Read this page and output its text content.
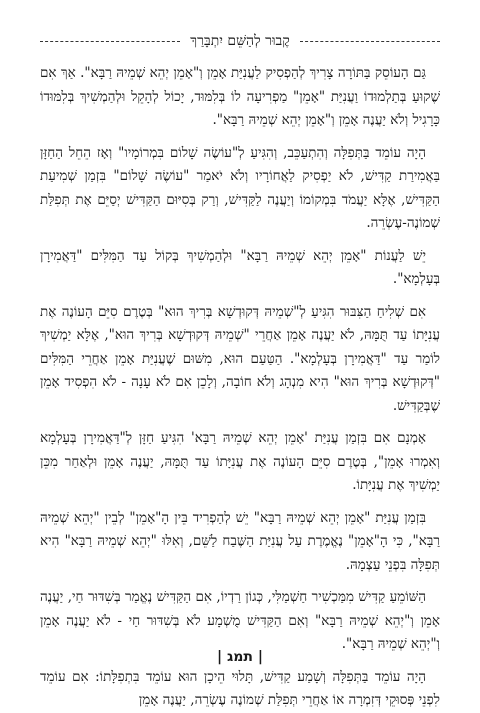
קֶבוּר לְהַשֵּׁם יִתְבָּרַךְ

גַּם הָעוֹסֵק בַּתּוֹרָה צָרִיךְ לְהַפְסִיק לַעֲנִיַּת אָמֵן וְ"אָמֵן יְהֵא שְׁמֵיהּ רַבָּא". אַךְ אִם שֶׁקוּעַ בְּתַלְמוּדוֹ וַעֲנִיַּת "אָמֵן" מַפְרִיעָה לוֹ בְּלִמּוּד, יָכוֹל לְהָקֵל וּלְהַמְשִׁיךְ בְּלִמּוּדוֹ כָּרָגִיל וְלֹא יַעֲנֶה אָמֵן וְ"אָמֵן יְהֵא שְׁמֵיהּ רַבָּא".

הָיָה עוֹמֵד בַּתְּפִלָּה וְהִתְעַכֵּב, וְהִגִּיעַ לְ"עוֹשֶׂה שָׁלוֹם בִּמְרוֹמָיו" וְאָז הֵחֵל הַחַזָּן בַּאֲמִירַת קַדִּישׁ, לֹא יַפְסִיק לַאֲחוֹרָיו וְלֹא יֹאמַר "עוֹשֶׂה שָׁלוֹם" בִּזְמַן שְׁמִיעַת הַקַּדִּישׁ, אֶלָּא יַעֲמֹד בִּמְקוֹמוֹ וְיַעֲנֶה לַקַּדִּישׁ, וְרַק בְּסִיּוּם הַקַּדִּישׁ יְסַיֵּם אֶת תְּפִלַּת שְׁמוֹנֶה-עֶשְׂרֵה.

יֵשׁ לַעֲנוֹת "אָמֵן יְהֵא שְׁמֵיהּ רַבָּא" וּלְהַמְשִׁיךְ בְּקוֹל עַד הַמִּלִּים "דַּאֲמִירָן בְּעָלְמָא".

אִם שְׁלִיחַ הַצִּבּוּר הִגִּיעַ לְ"שְׁמֵיהּ דְּקוּדְשָׁא בְּרִיךְ הוּא" בְּטֶרֶם סִיֵּם הָעוֹנֶה אֶת עֲנִיָּתוֹ עַד תֻּמָּהּ, לֹא יַעֲנֶה אָמֵן אַחֲרֵי "שְׁמֵיהּ דְּקוּדְשָׁא בְּרִיךְ הוּא", אֶלָּא יַמְשִׁיךְ לוֹמַר עַד "דַּאֲמִירָן בְּעָלְמָא". הַטַּעַם הוּא, מִשּׁוּם שֶׁעֲנִיַּת אָמֵן אַחֲרֵי הַמִּלִּים "דְּקוּדְשָׁא בְּרִיךְ הוּא" הִיא מִנְהָג וְלֹא חוֹבָה, וְלָכֵן אִם לֹא עָנָה - לֹא הִפְסִיד אָמֵן שֶׁבְּקַדִּישׁ.

אָמְנָם אִם בִּזְמַן עֲנִיַּת 'אָמֵן יְהֵא שְׁמֵיהּ רַבָּא' הִגִּיעַ חַזָּן לְ"דַּאֲמִירָן בְּעָלְמָא וְאִמְרוּ אָמֵן", בְּטֶרֶם סִיֵּם הָעוֹנֶה אֶת עֲנִיָּתוֹ עַד תֻּמָּהּ, יַעֲנֶה אָמֵן וּלְאַחַר מִכֵּן יַמְשִׁיךְ אֶת עֲנִיָּתוֹ.

בִּזְמַן עֲנִיַּת "אָמֵן יְהֵא שְׁמֵיהּ רַבָּא" יֵשׁ לְהַפְרִיד בֵּין הָ"אָמֵן" לְבֵין "יְהֵא שְׁמֵיהּ רַבָּא", כִּי הָ"אָמֵן" נֶאֱמֶרֶת עַל עֲנִיַּת הַשֶּׁבַח לַשֵּׁם, וְאִלּוּ "יְהֵא שְׁמֵיהּ רַבָּא" הִיא תְּפִלָּה בִּפְנֵי עַצְמָהּ.

הַשּׁוֹמֵעַ קַדִּישׁ מִמַּכְשִׁיר חַשְׁמַלִּי, כְּגוֹן רַדְיוֹ, אִם הַקַּדִּישׁ נֶאֱמַר בְּשִׁדּוּר חַי, יַעֲנֶה אָמֵן וְ"יְהֵא שְׁמֵיהּ רַבָּא" וְאִם הַקַּדִּישׁ מֻשְׁמָע לֹא בְּשִׁדּוּר חַי - לֹא יַעֲנֶה אָמֵן וְ"יְהֵא שְׁמֵיהּ רַבָּא".

הָיָה עוֹמֵד בַּתְּפִלָּה וְשָׁמַע קַדִּישׁ, תָּלוּי הֵיכָן הוּא עוֹמֵד בִּתְפִלָּתוֹ: אִם עוֹמֵד לִפְנֵי פְּסוּקֵי דְּזִמְרָה אוֹ אַחֲרֵי תְּפִלַּת שְׁמוֹנֶה עֶשְׂרֵה, יַעֲנֶה אָמֵן

| תמג |
